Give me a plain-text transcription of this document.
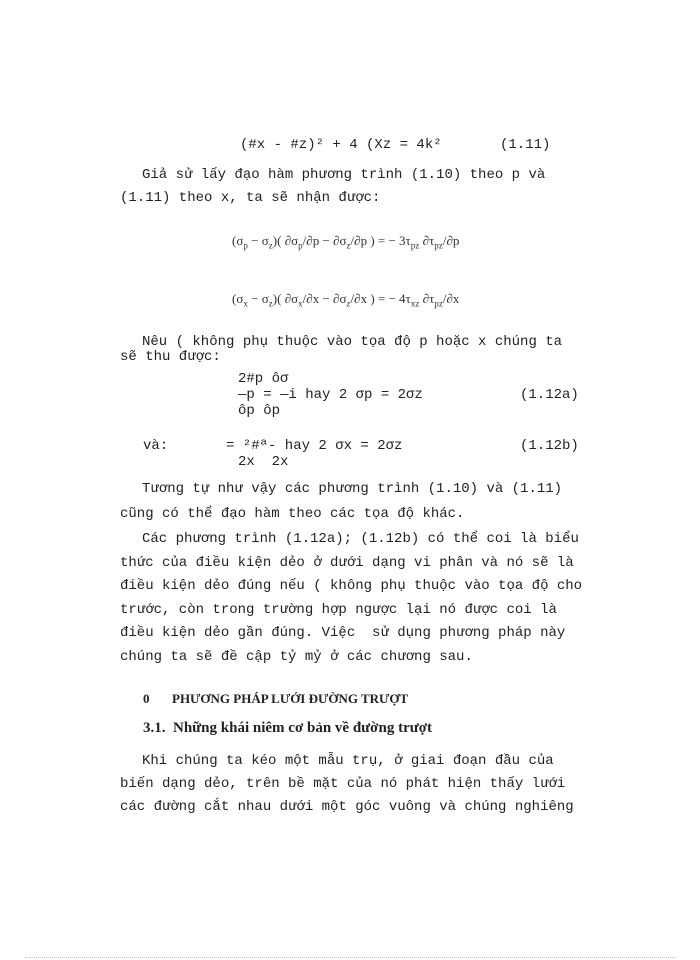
(#x - #z)² + 4 (Xz = 4k²	(1.11)
Giả sử lấy đạo hàm phương trình (1.10) theo p và
(1.11) theo x, ta sẽ nhận được:
$(\sigma_p - \sigma_z)$( $\partial\sigma_p/\partial p - \partial\sigma_z/\partial p$ ) = − $3\tau_{pz}$ $\partial\tau_{pz}/\partial p$
$(\sigma_x - \sigma_z)$( $\partial\sigma_x/\partial x - \partial\sigma_z/\partial x$ ) = − $4\tau_{xz}$ $\partial\tau_{pz}/\partial x$
Nêu ( không phụ thuộc vào tọa độ p hoặc x chúng ta
sẽ thu được:
2#p ôσ
—p = —i hay 2 σp = 2σz
ôp ôp
(1.12a)
và:	= ²#ª- hay 2 σx = 2σz
2x  2x
(1.12b)
Tương tự như vậy các phương trình (1.10) và (1.11)
cũng có thể đạo hàm theo các tọa độ khác.
Các phương trình (1.12a); (1.12b) có thể coi là biểu
thức của điều kiện dẻo ở dưới dạng vi phân và nó sẽ là
điều kiện dẻo đúng nếu ( không phụ thuộc vào tọa độ cho
trước, còn trong trường hợp ngược lại nó được coi là
điều kiện dẻo gần đúng. Việc  sử dụng phương pháp này
chúng ta sẽ đề cập tỷ mỷ ở các chương sau.
0 PHƯƠNG PHÁP LƯỚI ĐƯỜNG TRƯỢT
3.1. Những khái niêm cơ bản về đường trượt
Khi chúng ta kéo một mẫu trụ, ở giai đoạn đầu của
biến dạng dẻo, trên bề mặt của nó phát hiện thấy lưới
các đường cắt nhau dưới một góc vuông và chúng nghiêng
